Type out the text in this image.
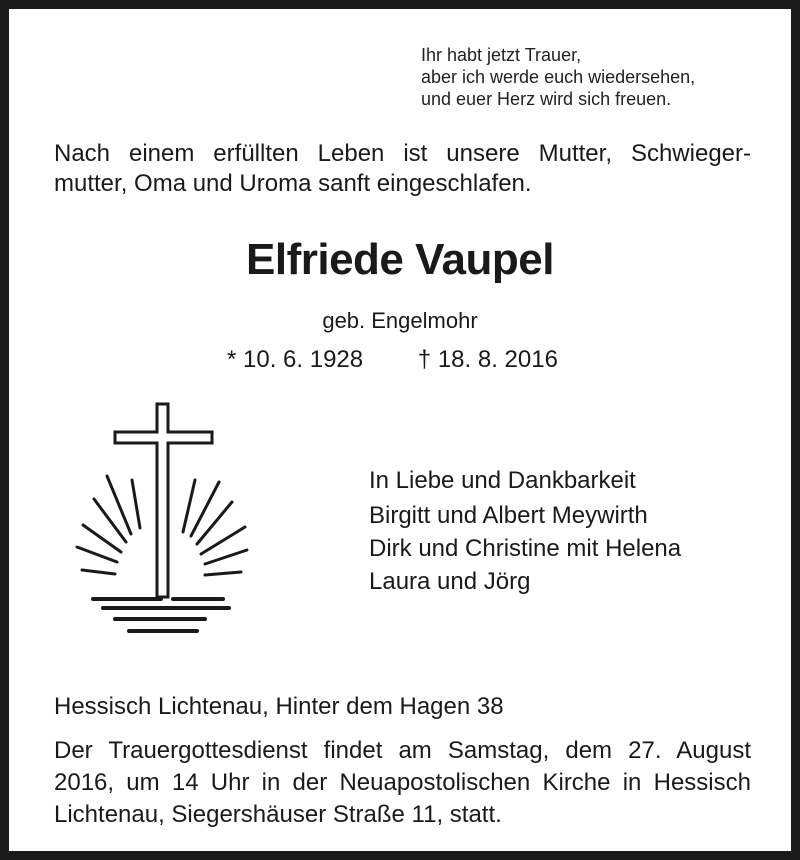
Ihr habt jetzt Trauer,
aber ich werde euch wiedersehen,
und euer Herz wird sich freuen.
Nach einem erfüllten Leben ist unsere Mutter, Schwieger-
mutter, Oma und Uroma sanft eingeschlafen.
Elfriede Vaupel
geb. Engelmohr
* 10. 6. 1928 † 18. 8. 2016
In Liebe und Dankbarkeit
Birgitt und Albert Meywirth
Dirk und Christine mit Helena
Laura und Jörg
Hessisch Lichtenau, Hinter dem Hagen 38
Der Trauergottesdienst findet am Samstag, dem 27. August
2016, um 14 Uhr in der Neuapostolischen Kirche in Hessisch
Lichtenau, Siegershäuser Straße 11, statt.
